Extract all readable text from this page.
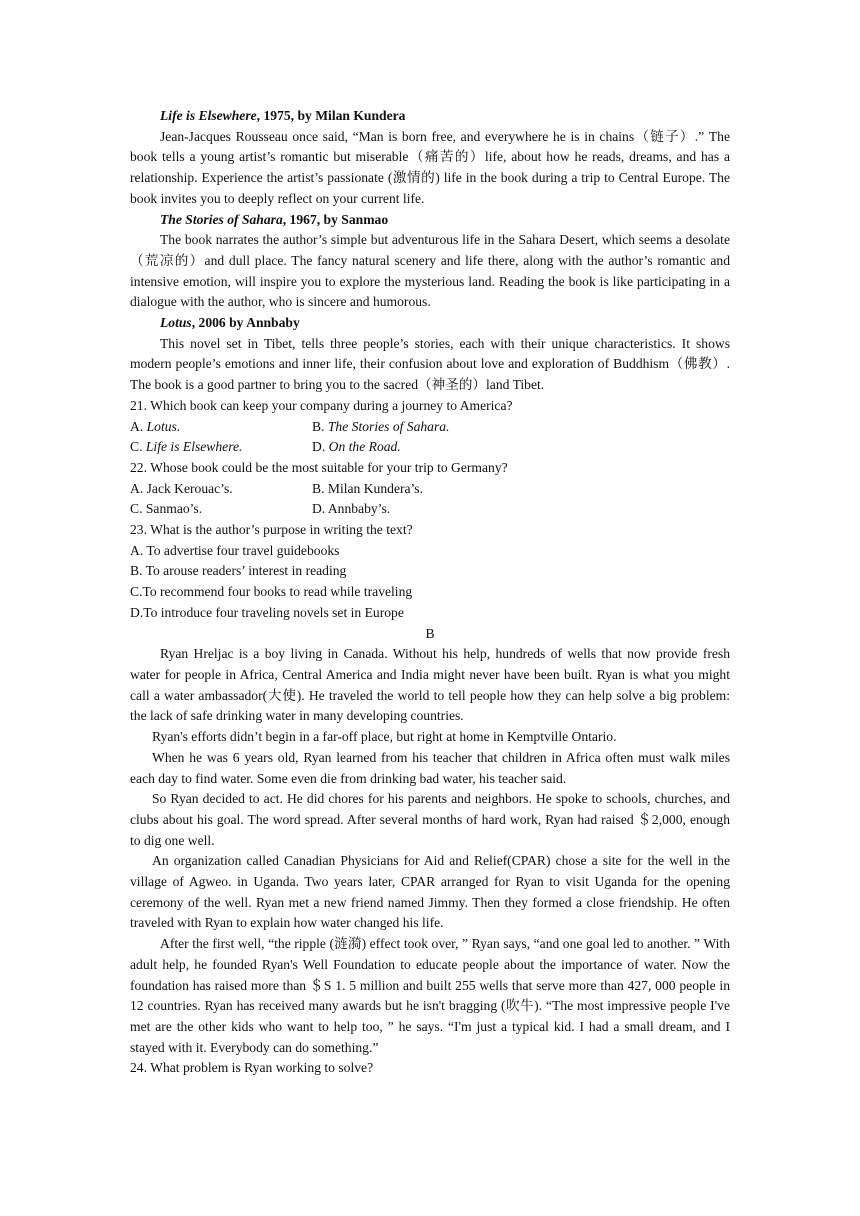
Life is Elsewhere, 1975, by Milan Kundera

Jean-Jacques Rousseau once said, “Man is born free, and everywhere he is in chains（链子）.” The book tells a young artist’s romantic but miserable（痛苦的）life, about how he reads, dreams, and has a relationship. Experience the artist’s passionate (激情的) life in the book during a trip to Central Europe. The book invites you to deeply reflect on your current life.

The Stories of Sahara, 1967, by Sanmao

The book narrates the author’s simple but adventurous life in the Sahara Desert, which seems a desolate（荒凉的）and dull place. The fancy natural scenery and life there, along with the author’s romantic and intensive emotion, will inspire you to explore the mysterious land. Reading the book is like participating in a dialogue with the author, who is sincere and humorous.

Lotus, 2006 by Annbaby

This novel set in Tibet, tells three people’s stories, each with their unique characteristics. It shows modern people’s emotions and inner life, their confusion about love and exploration of Buddhism（佛教）. The book is a good partner to bring you to the sacred（神圣的）land Tibet.

21. Which book can keep your company during a journey to America?

A. Lotus.	B. The Stories of Sahara.
C. Life is Elsewhere.	D. On the Road.

22. Whose book could be the most suitable for your trip to Germany?

A. Jack Kerouac’s.	B. Milan Kundera’s.
C. Sanmao’s.	D. Annbaby’s.

23. What is the author’s purpose in writing the text?

A. To advertise four travel guidebooks

B. To arouse readers’ interest in reading

C.To recommend four books to read while traveling

D.To introduce four traveling novels set in Europe

B

Ryan Hreljac is a boy living in Canada. Without his help, hundreds of wells that now provide fresh water for people in Africa, Central America and India might never have been built. Ryan is what you might call a water ambassador(大使). He traveled the world to tell people how they can help solve a big problem: the lack of safe drinking water in many developing countries.

Ryan's efforts didn’t begin in a far-off place, but right at home in Kemptville Ontario.

When he was 6 years old, Ryan learned from his teacher that children in Africa often must walk miles each day to find water. Some even die from drinking bad water, his teacher said.

So Ryan decided to act. He did chores for his parents and neighbors. He spoke to schools, churches, and clubs about his goal. The word spread. After several months of hard work, Ryan had raised ＄2,000, enough to dig one well.

An organization called Canadian Physicians for Aid and Relief(CPAR) chose a site for the well in the village of Agweo. in Uganda. Two years later, CPAR arranged for Ryan to visit Uganda for the opening ceremony of the well. Ryan met a new friend named Jimmy. Then they formed a close friendship. He often traveled with Ryan to explain how water changed his life.

After the first well, “the ripple (涟漪) effect took over, ” Ryan says, “and one goal led to another. ” With adult help, he founded Ryan's Well Foundation to educate people about the importance of water. Now the foundation has raised more than ＄S 1. 5 million and built 255 wells that serve more than 427, 000 people in 12 countries. Ryan has received many awards but he isn't bragging (吹牛). “The most impressive people I've met are the other kids who want to help too, ” he says. “I'm just a typical kid. I had a small dream, and I stayed with it. Everybody can do something.”

24. What problem is Ryan working to solve?
